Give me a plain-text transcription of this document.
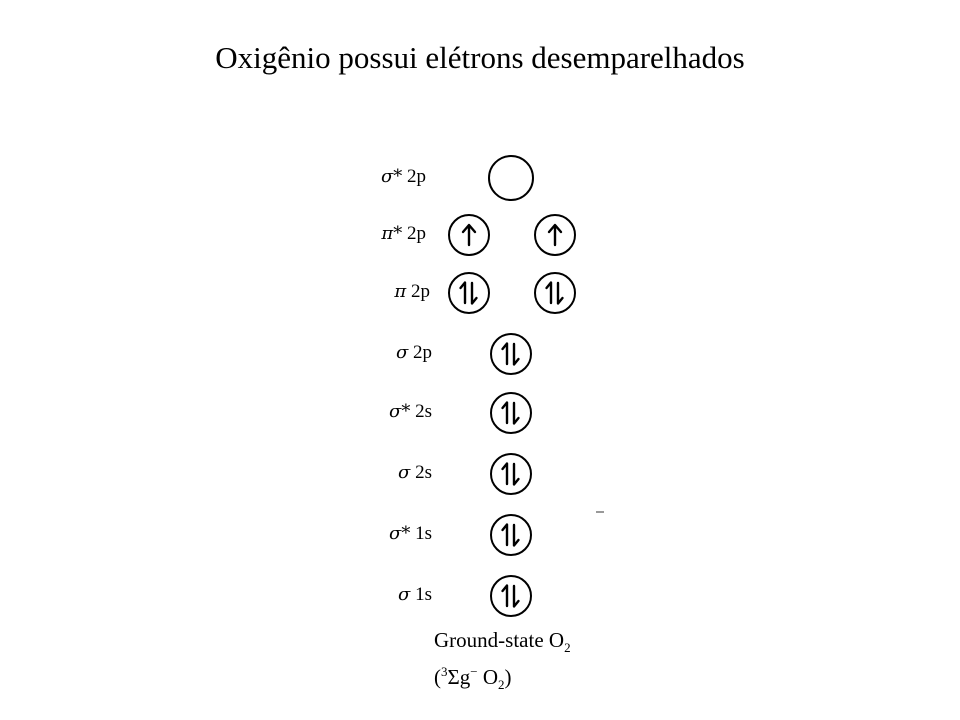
Oxigênio possui elétrons desemparelhados
σ* 2p
π* 2p
π 2p
σ 2p
σ* 2s
σ 2s
σ* 1s
σ 1s
Ground-state $O_2$
($^3$Σg− $O_2$)
